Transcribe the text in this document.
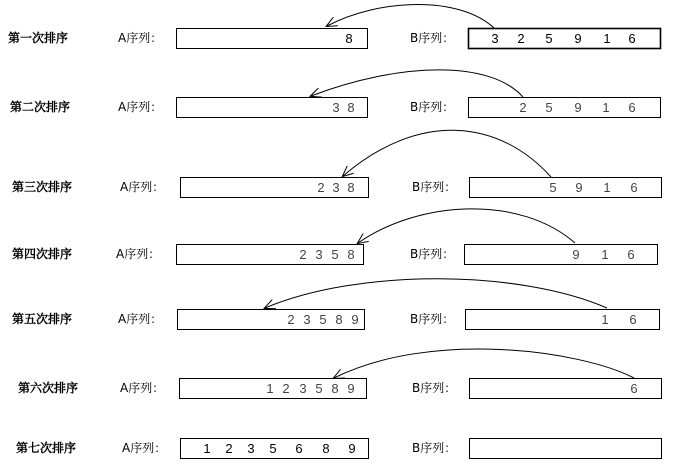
第一次排序	A序列：	8	B序列：	3 2 5 9 1 6
第二次排序	A序列：	3 8	B序列：	2 5 9 1 6
第三次排序	A序列：	2 3 8	B序列：	5 9 1 6
第四次排序	A序列：	2 3 5 8	B序列：	9 1 6
第五次排序	A序列：	2 3 5 8 9	B序列：	1 6
第六次排序	A序列：	1 2 3 5 8 9	B序列：	6
第七次排序	A序列：	1 2 3 5 6 8 9	B序列：
